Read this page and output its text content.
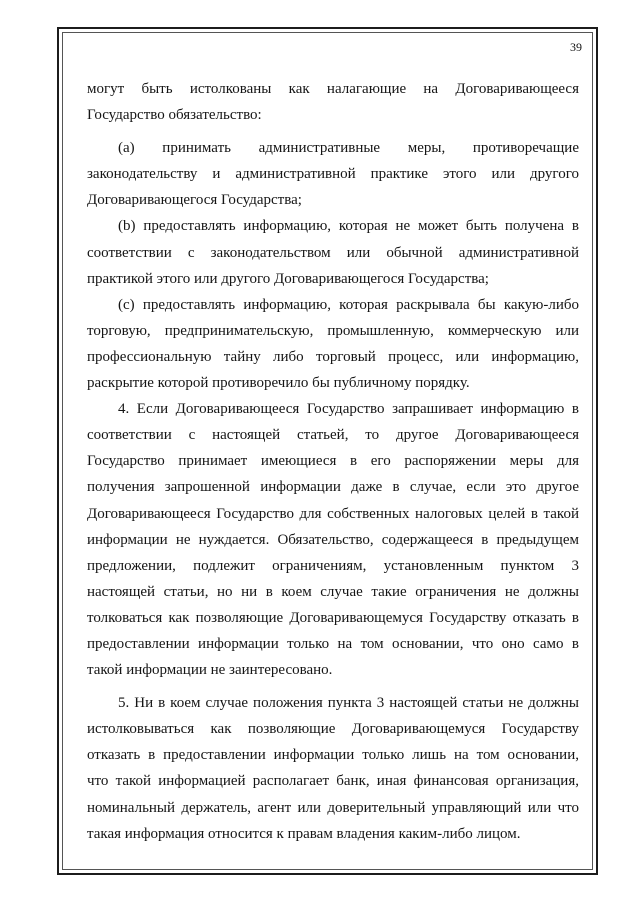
39
могут быть истолкованы как налагающие на Договаривающееся
Государство обязательство:
(а) принимать административные меры, противоречащие
законодательству и административной практике этого или другого
Договаривающегося Государства;
(b) предоставлять информацию, которая не может быть получена в
соответствии с законодательством или обычной административной
практикой этого или другого Договаривающегося Государства;
(с) предоставлять информацию, которая раскрывала бы какую-либо
торговую, предпринимательскую, промышленную, коммерческую или
профессиональную тайну либо торговый процесс, или информацию,
раскрытие которой противоречило бы публичному порядку.
4. Если Договаривающееся Государство запрашивает информацию в
соответствии с настоящей статьей, то другое Договаривающееся
Государство принимает имеющиеся в его распоряжении меры для
получения запрошенной информации даже в случае, если это другое
Договаривающееся Государство для собственных налоговых целей в такой
информации не нуждается. Обязательство, содержащееся в предыдущем
предложении, подлежит ограничениям, установленным пунктом 3
настоящей статьи, но ни в коем случае такие ограничения не должны
толковаться как позволяющие Договаривающемуся Государству отказать в
предоставлении информации только на том основании, что оно само в
такой информации не заинтересовано.
5. Ни в коем случае положения пункта 3 настоящей статьи не должны
истолковываться как позволяющие Договаривающемуся Государству
отказать в предоставлении информации только лишь на том основании,
что такой информацией располагает банк, иная финансовая организация,
номинальный держатель, агент или доверительный управляющий или что
такая информация относится к правам владения каким-либо лицом.
